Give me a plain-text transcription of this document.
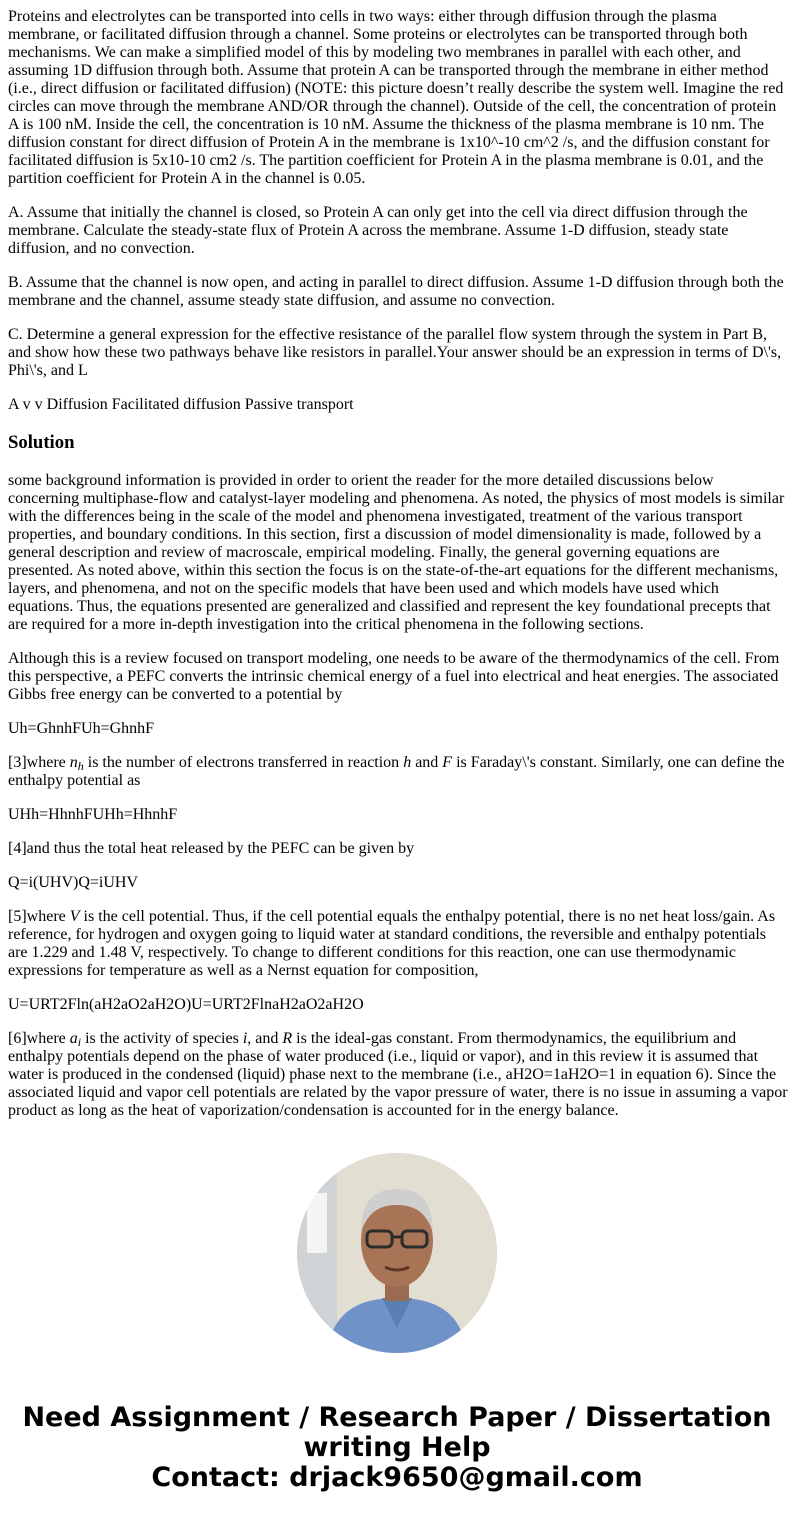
Proteins and electrolytes can be transported into cells in two ways: either through diffusion through the plasma membrane, or facilitated diffusion through a channel. Some proteins or electrolytes can be transported through both mechanisms. We can make a simplified model of this by modeling two membranes in parallel with each other, and assuming 1D diffusion through both. Assume that protein A can be transported through the membrane in either method (i.e., direct diffusion or facilitated diffusion) (NOTE: this picture doesn’t really describe the system well. Imagine the red circles can move through the membrane AND/OR through the channel). Outside of the cell, the concentration of protein A is 100 nM. Inside the cell, the concentration is 10 nM. Assume the thickness of the plasma membrane is 10 nm. The diffusion constant for direct diffusion of Protein A in the membrane is 1x10^-10 cm^2 /s, and the diffusion constant for facilitated diffusion is 5x10-10 cm2 /s. The partition coefficient for Protein A in the plasma membrane is 0.01, and the partition coefficient for Protein A in the channel is 0.05.

A. Assume that initially the channel is closed, so Protein A can only get into the cell via direct diffusion through the membrane. Calculate the steady-state flux of Protein A across the membrane. Assume 1-D diffusion, steady state diffusion, and no convection.

B. Assume that the channel is now open, and acting in parallel to direct diffusion. Assume 1-D diffusion through both the membrane and the channel, assume steady state diffusion, and assume no convection.

C. Determine a general expression for the effective resistance of the parallel flow system through the system in Part B, and show how these two pathways behave like resistors in parallel.Your answer should be an expression in terms of D\'s, Phi\'s, and L

A v v Diffusion Facilitated diffusion Passive transport

Solution

some background information is provided in order to orient the reader for the more detailed discussions below concerning multiphase-flow and catalyst-layer modeling and phenomena. As noted, the physics of most models is similar with the differences being in the scale of the model and phenomena investigated, treatment of the various transport properties, and boundary conditions. In this section, first a discussion of model dimensionality is made, followed by a general description and review of macroscale, empirical modeling. Finally, the general governing equations are presented. As noted above, within this section the focus is on the state-of-the-art equations for the different mechanisms, layers, and phenomena, and not on the specific models that have been used and which models have used which equations. Thus, the equations presented are generalized and classified and represent the key foundational precepts that are required for a more in-depth investigation into the critical phenomena in the following sections.

Although this is a review focused on transport modeling, one needs to be aware of the thermodynamics of the cell. From this perspective, a PEFC converts the intrinsic chemical energy of a fuel into electrical and heat energies. The associated Gibbs free energy can be converted to a potential by

Uh=GhnhFUh=GhnhF

[3]where $n_h$ is the number of electrons transferred in reaction h and F is Faraday\'s constant. Similarly, one can define the enthalpy potential as

UHh=HhnhFUHh=HhnhF

[4]and thus the total heat released by the PEFC can be given by

Q=i(UHV)Q=iUHV

[5]where V is the cell potential. Thus, if the cell potential equals the enthalpy potential, there is no net heat loss/gain. As reference, for hydrogen and oxygen going to liquid water at standard conditions, the reversible and enthalpy potentials are 1.229 and 1.48 V, respectively. To change to different conditions for this reaction, one can use thermodynamic expressions for temperature as well as a Nernst equation for composition,

U=URT2Fln(aH2aO2aH2O)U=URT2FlnaH2aO2aH2O

[6]where $a_i$ is the activity of species i, and R is the ideal-gas constant. From thermodynamics, the equilibrium and enthalpy potentials depend on the phase of water produced (i.e., liquid or vapor), and in this review it is assumed that water is produced in the condensed (liquid) phase next to the membrane (i.e., aH2O=1aH2O=1 in equation 6). Since the associated liquid and vapor cell potentials are related by the vapor pressure of water, there is no issue in assuming a vapor product as long as the heat of vaporization/condensation is accounted for in the energy balance.

Need Assignment / Research Paper / Dissertation
writing Help
Contact: drjack9650@gmail.com
